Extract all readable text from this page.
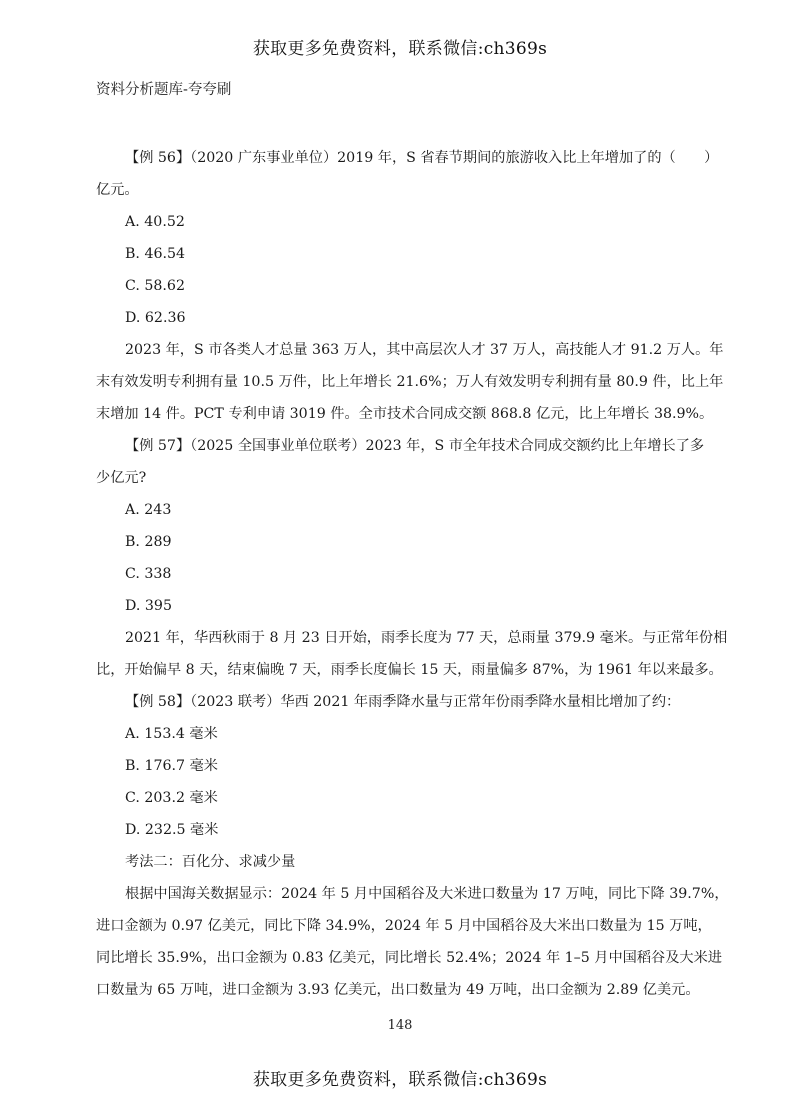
获取更多免费资料，联系微信:ch369s
资料分析题库-夸夸刷
【例 56】（2020 广东事业单位）2019 年，S 省春节期间的旅游收入比上年增加了的（　　）
亿元。
A. 40.52
B. 46.54
C. 58.62
D. 62.36
2023 年，S 市各类人才总量 363 万人，其中高层次人才 37 万人，高技能人才 91.2 万人。年
末有效发明专利拥有量 10.5 万件，比上年增长 21.6%；万人有效发明专利拥有量 80.9 件，比上年
末增加 14 件。PCT 专利申请 3019 件。全市技术合同成交额 868.8 亿元，比上年增长 38.9%。
【例 57】（2025 全国事业单位联考）2023 年，S 市全年技术合同成交额约比上年增长了多
少亿元?
A. 243
B. 289
C. 338
D. 395
2021 年，华西秋雨于 8 月 23 日开始，雨季长度为 77 天，总雨量 379.9 毫米。与正常年份相
比，开始偏早 8 天，结束偏晚 7 天，雨季长度偏长 15 天，雨量偏多 87%，为 1961 年以来最多。
【例 58】（2023 联考）华西 2021 年雨季降水量与正常年份雨季降水量相比增加了约：
A. 153.4 毫米
B. 176.7 毫米
C. 203.2 毫米
D. 232.5 毫米
考法二：百化分、求减少量
根据中国海关数据显示：2024 年 5 月中国稻谷及大米进口数量为 17 万吨，同比下降 39.7%，
进口金额为 0.97 亿美元，同比下降 34.9%，2024 年 5 月中国稻谷及大米出口数量为 15 万吨，
同比增长 35.9%，出口金额为 0.83 亿美元，同比增长 52.4%；2024 年 1–5 月中国稻谷及大米进
口数量为 65 万吨，进口金额为 3.93 亿美元，出口数量为 49 万吨，出口金额为 2.89 亿美元。
148
获取更多免费资料，联系微信:ch369s
